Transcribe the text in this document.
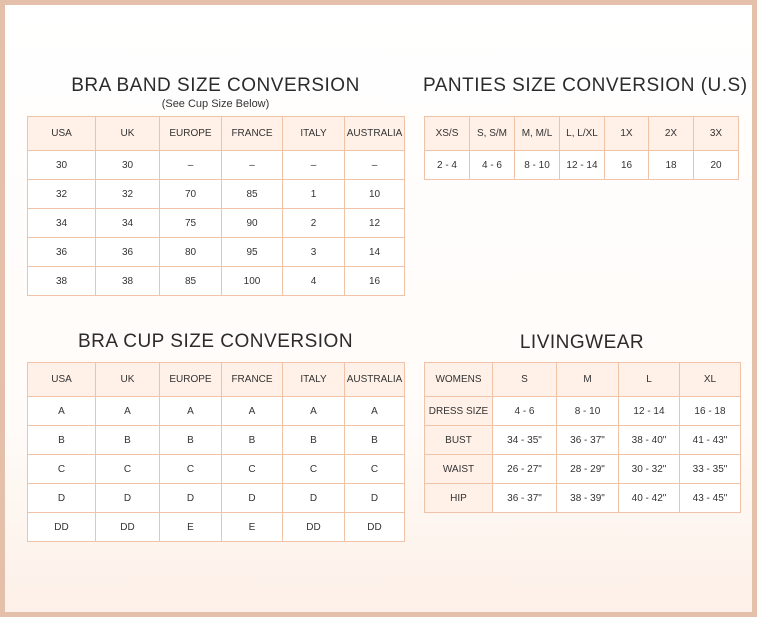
BRA BAND SIZE CONVERSION
(See Cup Size Below)
USA	UK	EUROPE	FRANCE	ITALY	AUSTRALIA
30	30	–	–	–	–
32	32	70	85	1	10
34	34	75	90	2	12
36	36	80	95	3	14
38	38	85	100	4	16
PANTIES SIZE CONVERSION (U.S)
XS/S	S, S/M	M, M/L	L, L/XL	1X	2X	3X
2 - 4	4 - 6	8 - 10	12 - 14	16	18	20
BRA CUP SIZE CONVERSION
USA	UK	EUROPE	FRANCE	ITALY	AUSTRALIA
A	A	A	A	A	A
B	B	B	B	B	B
C	C	C	C	C	C
D	D	D	D	D	D
DD	DD	E	E	DD	DD
LIVINGWEAR
WOMENS	S	M	L	XL
DRESS SIZE	4 - 6	8 - 10	12 - 14	16 - 18
BUST	34 - 35"	36 - 37"	38 - 40"	41 - 43"
WAIST	26 - 27"	28 - 29"	30 - 32"	33 - 35"
HIP	36 - 37"	38 - 39"	40 - 42"	43 - 45"
